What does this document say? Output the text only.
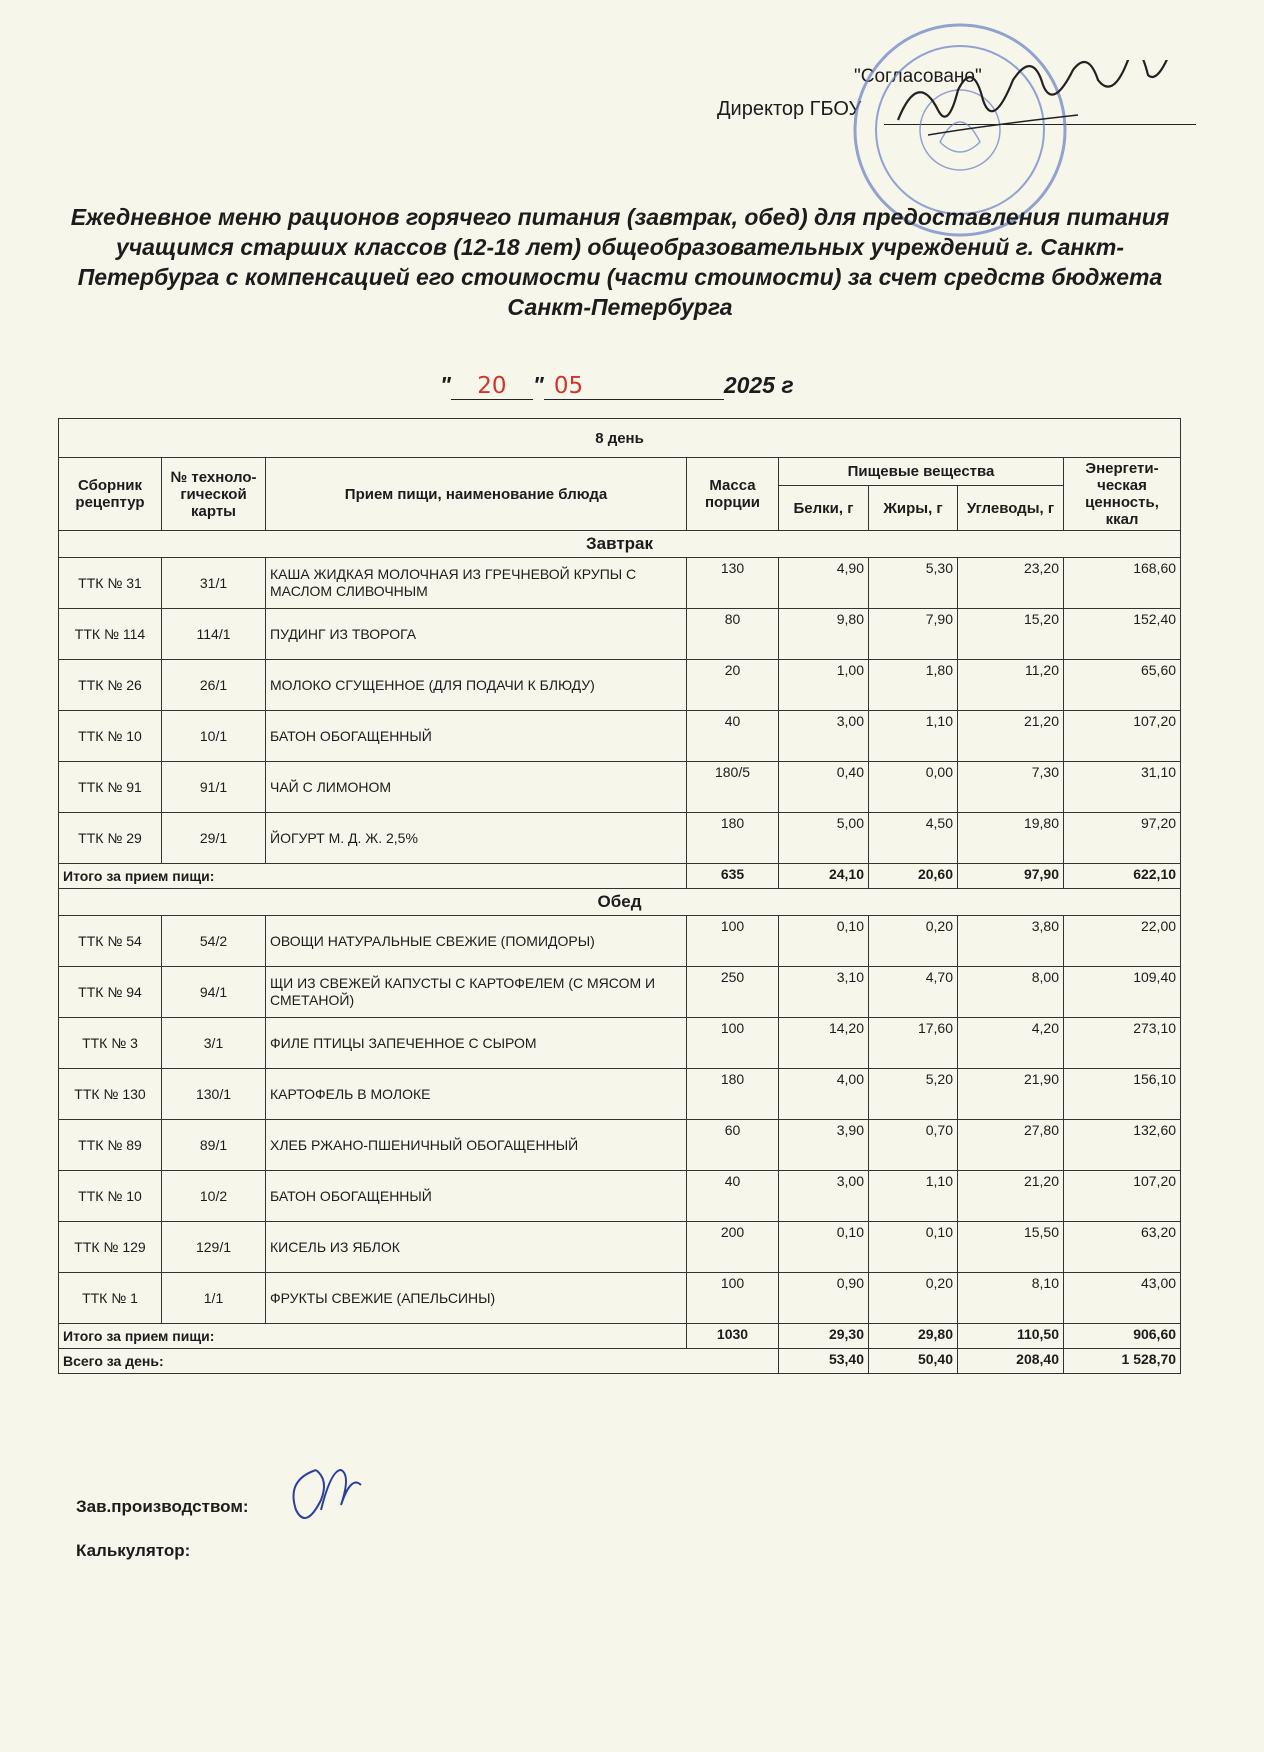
"Согласовано"
Директор ГБОУ
Ежедневное меню рационов горячего питания (завтрак, обед) для предоставления питания учащимся старших классов (12-18 лет) общеобразовательных учреждений г. Санкт-Петербурга с компенсацией его стоимости (части стоимости) за счет средств бюджета Санкт-Петербурга
" 20 " 05	2025 г
8 день							
Сборник рецептур	№ техноло-гической карты	Прием пищи, наименование блюда	Масса порции	Пищевые вещества			Энергети-ческая ценность, ккал
				Белки, г	Жиры, г	Углеводы, г	
Завтрак							
ТТК № 31	31/1	КАША ЖИДКАЯ МОЛОЧНАЯ ИЗ ГРЕЧНЕВОЙ КРУПЫ С МАСЛОМ СЛИВОЧНЫМ	130	4,90	5,30	23,20	168,60
ТТК № 114	114/1	ПУДИНГ ИЗ ТВОРОГА	80	9,80	7,90	15,20	152,40
ТТК № 26	26/1	МОЛОКО СГУЩЕННОЕ (ДЛЯ ПОДАЧИ К БЛЮДУ)	20	1,00	1,80	11,20	65,60
ТТК № 10	10/1	БАТОН ОБОГАЩЕННЫЙ	40	3,00	1,10	21,20	107,20
ТТК № 91	91/1	ЧАЙ С ЛИМОНОМ	180/5	0,40	0,00	7,30	31,10
ТТК № 29	29/1	ЙОГУРТ М. Д. Ж. 2,5%	180	5,00	4,50	19,80	97,20
Итого за прием пищи:			635	24,10	20,60	97,90	622,10
Обед							
ТТК № 54	54/2	ОВОЩИ НАТУРАЛЬНЫЕ СВЕЖИЕ (ПОМИДОРЫ)	100	0,10	0,20	3,80	22,00
ТТК № 94	94/1	ЩИ ИЗ СВЕЖЕЙ КАПУСТЫ С КАРТОФЕЛЕМ (С МЯСОМ И СМЕТАНОЙ)	250	3,10	4,70	8,00	109,40
ТТК № 3	3/1	ФИЛЕ ПТИЦЫ ЗАПЕЧЕННОЕ С СЫРОМ	100	14,20	17,60	4,20	273,10
ТТК № 130	130/1	КАРТОФЕЛЬ В МОЛОКЕ	180	4,00	5,20	21,90	156,10
ТТК № 89	89/1	ХЛЕБ РЖАНО-ПШЕНИЧНЫЙ ОБОГАЩЕННЫЙ	60	3,90	0,70	27,80	132,60
ТТК № 10	10/2	БАТОН ОБОГАЩЕННЫЙ	40	3,00	1,10	21,20	107,20
ТТК № 129	129/1	КИСЕЛЬ ИЗ ЯБЛОК	200	0,10	0,10	15,50	63,20
ТТК № 1	1/1	ФРУКТЫ СВЕЖИЕ (АПЕЛЬСИНЫ)	100	0,90	0,20	8,10	43,00
Итого за прием пищи:			1030	29,30	29,80	110,50	906,60
Всего за день:				53,40	50,40	208,40	1 528,70
Зав.производством:
Калькулятор:
